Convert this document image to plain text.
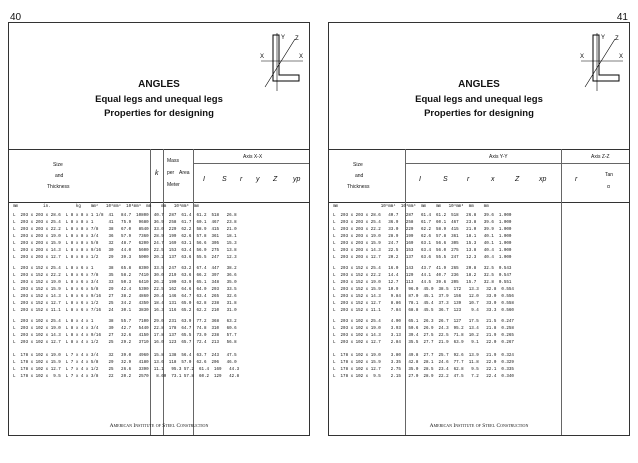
40
X	X
Y Z
ANGLES
Equal legs and unequal legs
Properties for designing
Size
and
Thickness
k
Mass
per Area
Meter
Axis X-X
I S r y Z yp
mm          in.          kg    mm²   10⁶mm⁴  10³mm³  mm    mm   10³mm³  mm
L  203 x 203 x 28.6  L 8 x 8 x 1 1/8  41   84.7  10800  40.7  287  61.4  61.2  518   26.8
L  203 x 203 x 25.4  L 8 x 8 x 1      41   75.9   9680  36.9  258  61.7  60.1  467   23.8
L  203 x 203 x 22.2  L 8 x 8 x 7/8    38   67.0   8540  33.0  229  62.2  58.9  415   21.0
L  203 x 203 x 19.0  L 8 x 8 x 3/4    36   57.9   7360  28.9  199  62.6  57.8  361   18.1
L  203 x 203 x 15.9  L 8 x 8 x 5/8    32   48.7   6200  24.7  169  63.1  56.6  305   15.3
L  203 x 203 x 14.3  L 8 x 8 x 9/16   30   44.0   5600  22.5  153  63.4  56.0  275   13.8
L  203 x 203 x 12.7  L 8 x 8 x 1/2    29   39.3   5000  20.2  137  63.6  55.5  247   12.3
L  203 x 152 x 25.4  L 8 x 6 x 1      38   65.8   8390  33.5  247  63.2  67.4  447   38.2
L  203 x 152 x 22.2  L 8 x 6 x 7/8    35   58.2   7410  30.0  219  63.6  66.2  397   36.6
L  203 x 152 x 19.0  L 8 x 6 x 3/4    33   50.3   6410  26.2  190  63.9  65.1  348   35.0
L  203 x 152 x 15.9  L 8 x 6 x 5/8    29   42.4   5390  22.5  162  64.6  64.0  293   33.5
L  203 x 152 x 14.3  L 8 x 6 x 9/16   27   38.2   4860  20.4  146  64.7  63.4  265   32.6
L  203 x 152 x 12.7  L 8 x 6 x 1/2    25   34.2   4350  18.4  131  65.0  62.8  238   31.8
L  203 x 152 x 11.1  L 8 x 6 x 7/16   24   30.1   3830  16.3  116  65.2  62.2  210   31.0
L  203 x 102 x 25.4  L 8 x 4 x 1      38   55.7   7100  29.0  231  63.9  77.2  368   63.2
L  203 x 102 x 19.0  L 8 x 4 x 3/4    30   42.7   5440  22.8  178  64.7  74.8  310   60.6
L  203 x 102 x 14.3  L 8 x 4 x 9/16   27   32.6   4150  17.8  137  65.5  73.0  238   57.7
L  203 x 102 x 12.7  L 8 x 4 x 1/2    25   29.2   3710  16.0  123  65.7  72.4  213   56.8
L  178 x 102 x 19.0  L 7 x 4 x 3/4    32   39.0   4960  15.8  138  56.4  63.7  243   47.5
L  178 x 102 x 15.9  L 7 x 4 x 5/8    29   32.9   4180  13.6  118  57.0  62.6  206   46.0
L  178 x 102 x 12.7  L 7 x 4 x 1/2    25   26.6   3390  11.1   95.3 57.2  61.4  169   44.3
L  178 x 102 x  9.5  L 7 x 4 x 3/8    22   20.2   2570   8.60  73.1 57.8  60.2  129   42.8
American Institute of Steel Construction
41
X	X
Y Z
ANGLES
Equal legs and unequal legs
Properties for designing
Size
and
Thickness
Axis Y-Y	Axis Z-Z
I	S	r	x	Z	xp	r
Tan
α
mm                 10⁶mm⁴  10³mm³  mm    mm   10³mm³  mm    mm
L  203 x 203 x 28.6   40.7   287   61.4  61.2  518   26.8   39.6  1.000
L  203 x 203 x 25.4   36.9   258   61.7  60.1  467   23.8   39.6  1.000
L  203 x 203 x 22.2   33.0   229   62.2  58.9  415   21.0   39.9  1.000
L  203 x 203 x 19.0   28.9   199   62.6  57.8  361   18.1   40.1  1.000
L  203 x 203 x 15.9   24.7   169   63.1  56.6  305   15.3   40.1  1.000
L  203 x 203 x 14.3   22.5   153   63.4  56.0  275   13.8   40.4  1.000
L  203 x 203 x 12.7   20.2   137   63.6  55.5  247   12.3   40.4  1.000
L  203 x 152 x 25.4   16.0   143   43.7  41.9  265   20.8   32.5  0.543
L  203 x 152 x 22.2   14.4   129   44.1  40.7  236   18.2   32.5  0.547
L  203 x 152 x 19.0   12.7   113   44.5  39.6  205   15.7   32.8  0.551
L  203 x 152 x 15.9   10.9    96.0  45.0  38.5  172   13.3   32.8  0.554
L  203 x 152 x 14.3    9.84   87.0  45.1  37.9  156   12.0   33.0  0.556
L  203 x 152 x 12.7    8.86   78.1  45.4  37.3  139   10.7   33.0  0.558
L  203 x 152 x 11.1    7.84   68.8  45.5  36.7  123    9.4   33.3  0.560
L  203 x 102 x 25.4    4.90   65.1  26.3  26.7  127   17.5   21.5  0.247
L  203 x 102 x 19.0    3.93   50.6  26.9  24.3  95.2  13.4   21.8  0.258
L  203 x 102 x 14.3    3.13   39.4  27.5  22.5  71.8  10.2   21.9  0.265
L  203 x 102 x 12.7    2.84   35.5  27.7  21.9  63.9   9.1   22.0  0.267
L  178 x 102 x 19.0    3.80   49.8  27.7  25.7  92.6  13.9   21.9  0.324
L  178 x 102 x 15.9    3.35   42.8  28.1  24.6  77.7  11.8   22.0  0.329
L  178 x 102 x 12.7    2.75   35.0  28.5  23.4  62.8   9.5   22.1  0.335
L  178 x 102 x  9.5    2.15   27.0  28.9  22.2  47.5   7.2   22.4  0.340
American Institute of Steel Construction
